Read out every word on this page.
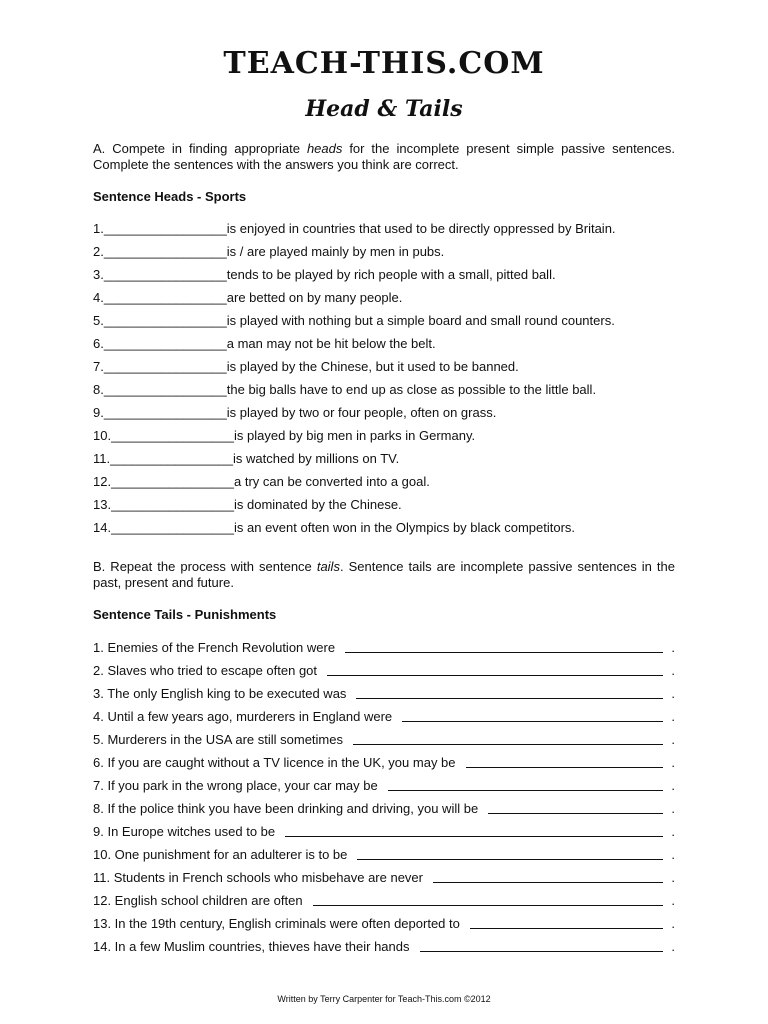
TEACH-THIS.COM
Head & Tails

A. Compete in finding appropriate heads for the incomplete present simple passive sentences. Complete the sentences with the answers you think are correct.

Sentence Heads - Sports

1. _________________ is enjoyed in countries that used to be directly oppressed by Britain.
2. _________________ is / are played mainly by men in pubs.
3. _________________ tends to be played by rich people with a small, pitted ball.
4. _________________ are betted on by many people.
5. _________________ is played with nothing but a simple board and small round counters.
6. _________________ a man may not be hit below the belt.
7. _________________ is played by the Chinese, but it used to be banned.
8. _________________ the big balls have to end up as close as possible to the little ball.
9. _________________ is played by two or four people, often on grass.
10. _________________ is played by big men in parks in Germany.
11. _________________ is watched by millions on TV.
12. _________________ a try can be converted into a goal.
13. _________________ is dominated by the Chinese.
14. _________________ is an event often won in the Olympics by black competitors.

B. Repeat the process with sentence tails. Sentence tails are incomplete passive sentences in the past, present and future.

Sentence Tails - Punishments

1. Enemies of the French Revolution were	.
2. Slaves who tried to escape often got	.
3. The only English king to be executed was	.
4. Until a few years ago, murderers in England were	.
5. Murderers in the USA are still sometimes	.
6. If you are caught without a TV licence in the UK, you may be	.
7. If you park in the wrong place, your car may be	.
8. If the police think you have been drinking and driving, you will be	.
9. In Europe witches used to be	.
10. One punishment for an adulterer is to be	.
11. Students in French schools who misbehave are never	.
12. English school children are often	.
13. In the 19th century, English criminals were often deported to	.
14. In a few Muslim countries, thieves have their hands	.

Written by Terry Carpenter for Teach-This.com ©2012
